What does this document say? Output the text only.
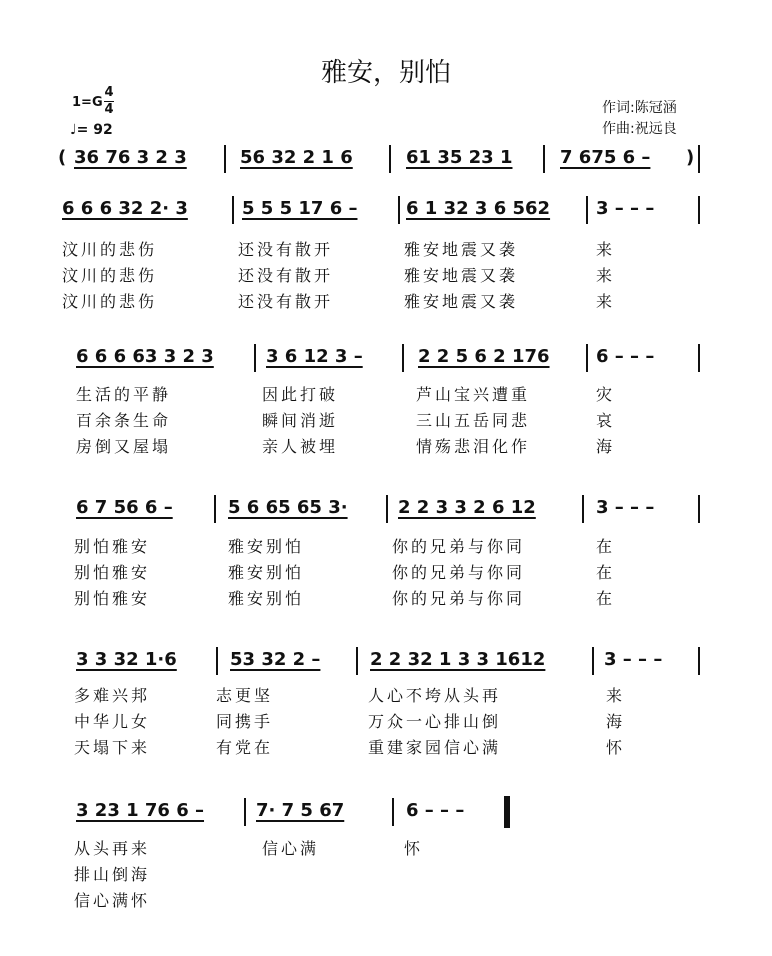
雅安，别怕
1=G
4
4
♩= 92
作词:陈冠涵
作曲:祝远良
( 36 76 3 2 3	56 32 2 1 6	61 35 23 1	7 675 6 – )
6 6 6 32 2· 3	5 5 5 17 6 –	6 1 32 3 6 562	3 – – –
汶川的悲伤	还没有散开	雅安地震又袭	来
汶川的悲伤	还没有散开	雅安地震又袭	来
汶川的悲伤	还没有散开	雅安地震又袭	来
6 6 6 63 3 2 3	3 6 12 3 –	2 2 5 6 2 176	6 – – –
生活的平静	因此打破	芦山宝兴遭重	灾
百余条生命	瞬间消逝	三山五岳同悲	哀
房倒又屋塌	亲人被埋	情殇悲泪化作	海
6 7 56 6 –	5 6 65 65 3·	2 2 3 3 2 6 12	3 – – –
别怕雅安	雅安别怕	你的兄弟与你同	在
别怕雅安	雅安别怕	你的兄弟与你同	在
别怕雅安	雅安别怕	你的兄弟与你同	在
3 3 32 1·6	53 32 2 –	2 2 32 1 3 3 1612	3 – – –
多难兴邦	志更坚	人心不垮从头再	来
中华儿女	同携手	万众一心排山倒	海
天塌下来	有党在	重建家园信心满	怀
3 23 1 76 6 –	7· 7 5 67	6 – – –
从头再来	信心满	怀
排山倒海
信心满怀
